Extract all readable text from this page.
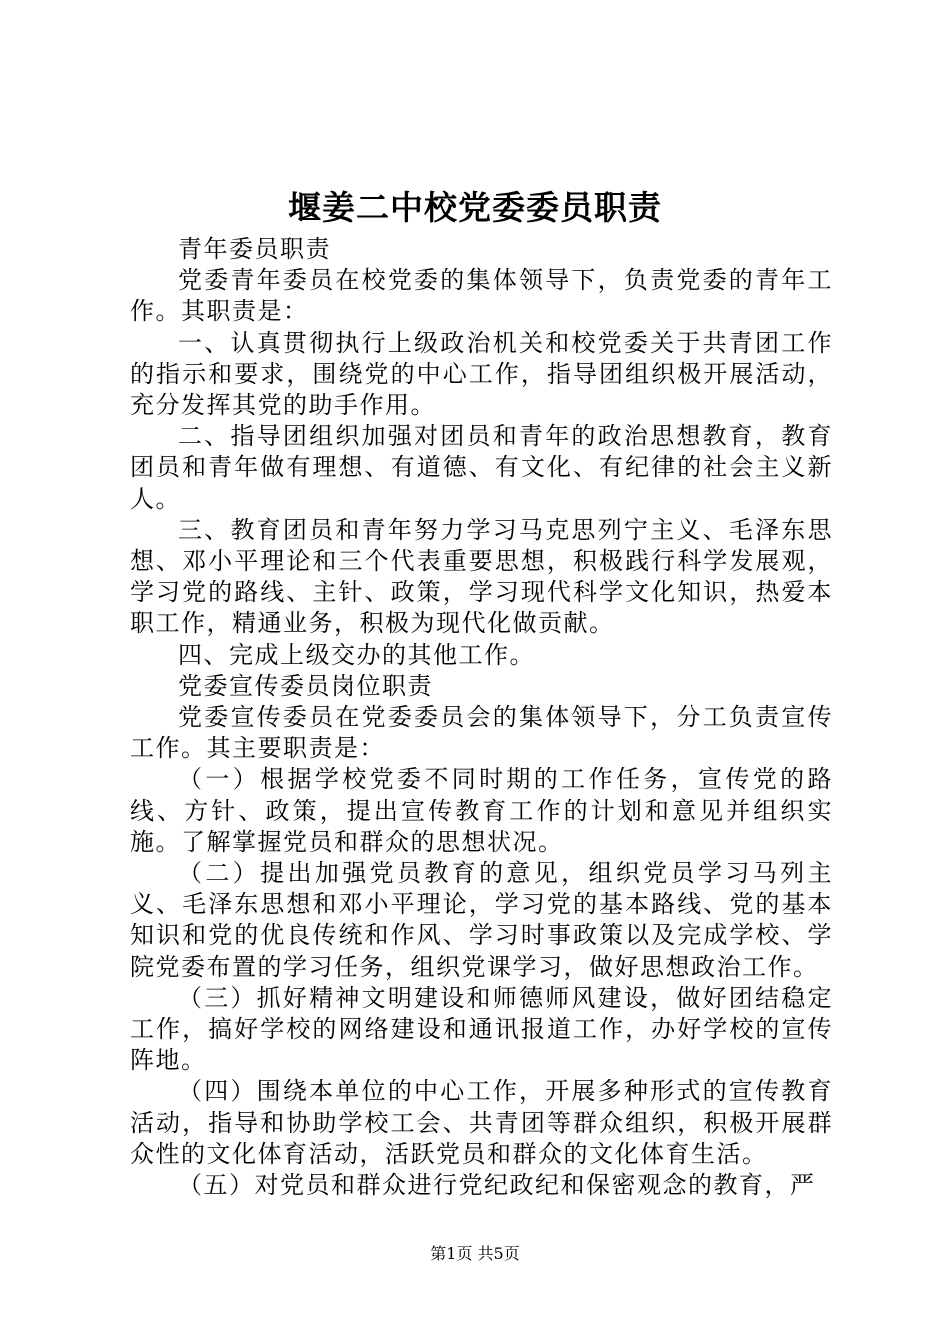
堰姜二中校党委委员职责

青年委员职责

党委青年委员在校党委的集体领导下，负责党委的青年工作。其职责是：

一、认真贯彻执行上级政治机关和校党委关于共青团工作的指示和要求，围绕党的中心工作，指导团组织极开展活动，充分发挥其党的助手作用。

二、指导团组织加强对团员和青年的政治思想教育，教育团员和青年做有理想、有道德、有文化、有纪律的社会主义新人。

三、教育团员和青年努力学习马克思列宁主义、毛泽东思想、邓小平理论和三个代表重要思想，积极践行科学发展观，学习党的路线、主针、政策，学习现代科学文化知识，热爱本职工作，精通业务，积极为现代化做贡献。

四、完成上级交办的其他工作。

党委宣传委员岗位职责

党委宣传委员在党委委员会的集体领导下，分工负责宣传工作。其主要职责是：

（一）根据学校党委不同时期的工作任务，宣传党的路线、方针、政策，提出宣传教育工作的计划和意见并组织实施。了解掌握党员和群众的思想状况。

（二）提出加强党员教育的意见，组织党员学习马列主义、毛泽东思想和邓小平理论，学习党的基本路线、党的基本知识和党的优良传统和作风、学习时事政策以及完成学校、学院党委布置的学习任务，组织党课学习，做好思想政治工作。

（三）抓好精神文明建设和师德师风建设，做好团结稳定工作，搞好学校的网络建设和通讯报道工作，办好学校的宣传阵地。

（四）围绕本单位的中心工作，开展多种形式的宣传教育活动，指导和协助学校工会、共青团等群众组织，积极开展群众性的文化体育活动，活跃党员和群众的文化体育生活。

（五）对党员和群众进行党纪政纪和保密观念的教育，严

第1页 共5页
